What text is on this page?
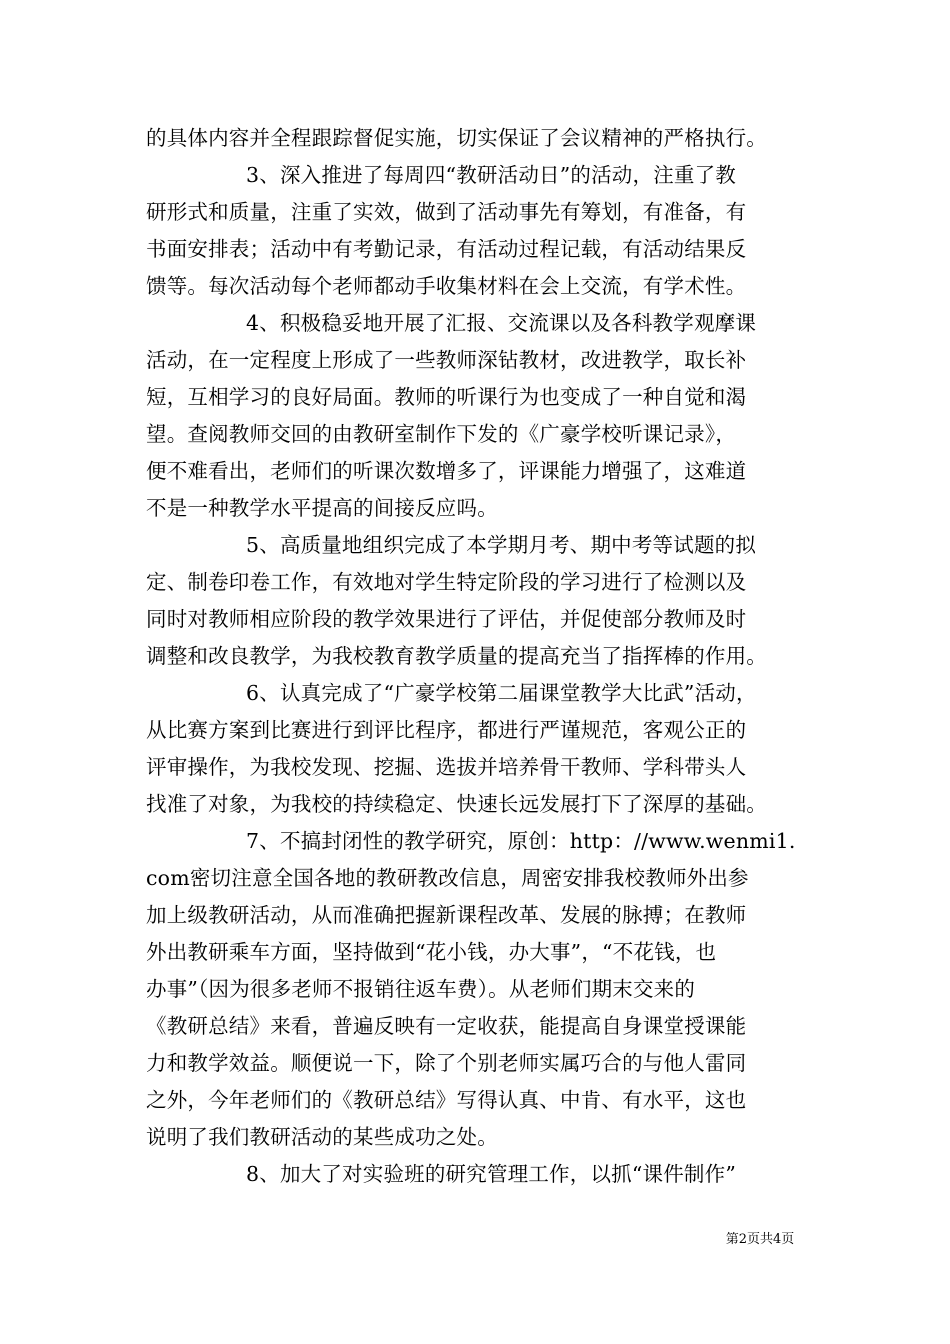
的具体内容并全程跟踪督促实施，切实保证了会议精神的严格执行。
3、深入推进了每周四“教研活动日”的活动，注重了教
研形式和质量，注重了实效，做到了活动事先有筹划，有准备，有
书面安排表；活动中有考勤记录，有活动过程记载，有活动结果反
馈等。每次活动每个老师都动手收集材料在会上交流，有学术性。
4、积极稳妥地开展了汇报、交流课以及各科教学观摩课
活动，在一定程度上形成了一些教师深钻教材，改进教学，取长补
短，互相学习的良好局面。教师的听课行为也变成了一种自觉和渴
望。查阅教师交回的由教研室制作下发的《广豪学校听课记录》，
便不难看出，老师们的听课次数增多了，评课能力增强了，这难道
不是一种教学水平提高的间接反应吗。
5、高质量地组织完成了本学期月考、期中考等试题的拟
定、制卷印卷工作，有效地对学生特定阶段的学习进行了检测以及
同时对教师相应阶段的教学效果进行了评估，并促使部分教师及时
调整和改良教学，为我校教育教学质量的提高充当了指挥棒的作用。
6、认真完成了“广豪学校第二届课堂教学大比武”活动，
从比赛方案到比赛进行到评比程序，都进行严谨规范，客观公正的
评审操作，为我校发现、挖掘、选拔并培养骨干教师、学科带头人
找准了对象，为我校的持续稳定、快速长远发展打下了深厚的基础。
7、不搞封闭性的教学研究，原创：http：//www.wenmi1.
com密切注意全国各地的教研教改信息，周密安排我校教师外出参
加上级教研活动，从而准确把握新课程改革、发展的脉搏；在教师
外出教研乘车方面，坚持做到“花小钱，办大事”，“不花钱，也
办事”（因为很多老师不报销往返车费）。从老师们期末交来的
《教研总结》来看，普遍反映有一定收获，能提高自身课堂授课能
力和教学效益。顺便说一下，除了个别老师实属巧合的与他人雷同
之外，今年老师们的《教研总结》写得认真、中肯、有水平，这也
说明了我们教研活动的某些成功之处。
8、加大了对实验班的研究管理工作，以抓“课件制作”
第2页共4页
